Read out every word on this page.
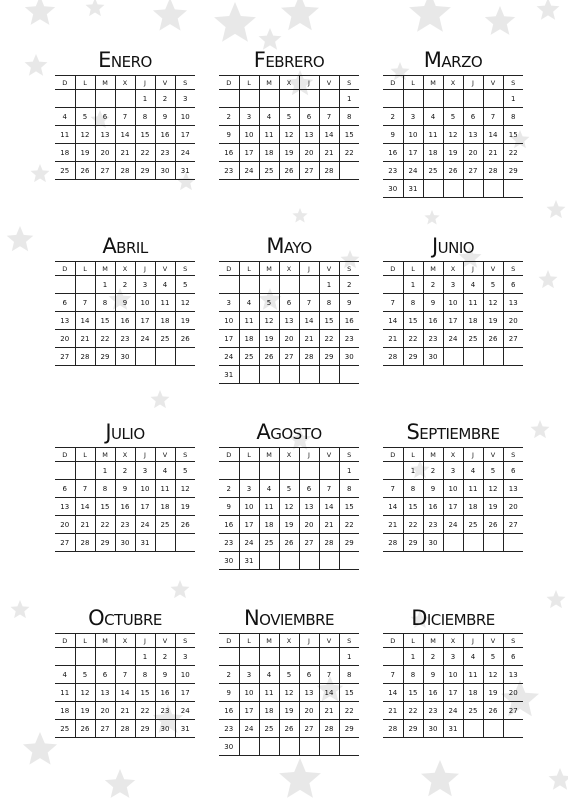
Enero
D	L	M	X	J	V	S
				1	2	3
4	5	6	7	8	9	10
11	12	13	14	15	16	17
18	19	20	21	22	23	24
25	26	27	28	29	30	31
Febrero
D	L	M	X	J	V	S
						1
2	3	4	5	6	7	8
9	10	11	12	13	14	15
16	17	18	19	20	21	22
23	24	25	26	27	28	
Marzo
D	L	M	X	J	V	S
						1
2	3	4	5	6	7	8
9	10	11	12	13	14	15
16	17	18	19	20	21	22
23	24	25	26	27	28	29
30	31					
Abril
D	L	M	X	J	V	S
		1	2	3	4	5
6	7	8	9	10	11	12
13	14	15	16	17	18	19
20	21	22	23	24	25	26
27	28	29	30			
Mayo
D	L	M	X	J	V	S
					1	2
3	4	5	6	7	8	9
10	11	12	13	14	15	16
17	18	19	20	21	22	23
24	25	26	27	28	29	30
31						
Junio
D	L	M	X	J	V	S
	1	2	3	4	5	6
7	8	9	10	11	12	13
14	15	16	17	18	19	20
21	22	23	24	25	26	27
28	29	30				
Julio
D	L	M	X	J	V	S
		1	2	3	4	5
6	7	8	9	10	11	12
13	14	15	16	17	18	19
20	21	22	23	24	25	26
27	28	29	30	31		
Agosto
D	L	M	X	J	V	S
						1
2	3	4	5	6	7	8
9	10	11	12	13	14	15
16	17	18	19	20	21	22
23	24	25	26	27	28	29
30	31					
Septiembre
D	L	M	X	J	V	S
	1	2	3	4	5	6
7	8	9	10	11	12	13
14	15	16	17	18	19	20
21	22	23	24	25	26	27
28	29	30				
Octubre
D	L	M	X	J	V	S
				1	2	3
4	5	6	7	8	9	10
11	12	13	14	15	16	17
18	19	20	21	22	23	24
25	26	27	28	29	30	31
Noviembre
D	L	M	X	J	V	S
						1
2	3	4	5	6	7	8
9	10	11	12	13	14	15
16	17	18	19	20	21	22
23	24	25	26	27	28	29
30						
Diciembre
D	L	M	X	J	V	S
	1	2	3	4	5	6
7	8	9	10	11	12	13
14	15	16	17	18	19	20
21	22	23	24	25	26	27
28	29	30	31			
